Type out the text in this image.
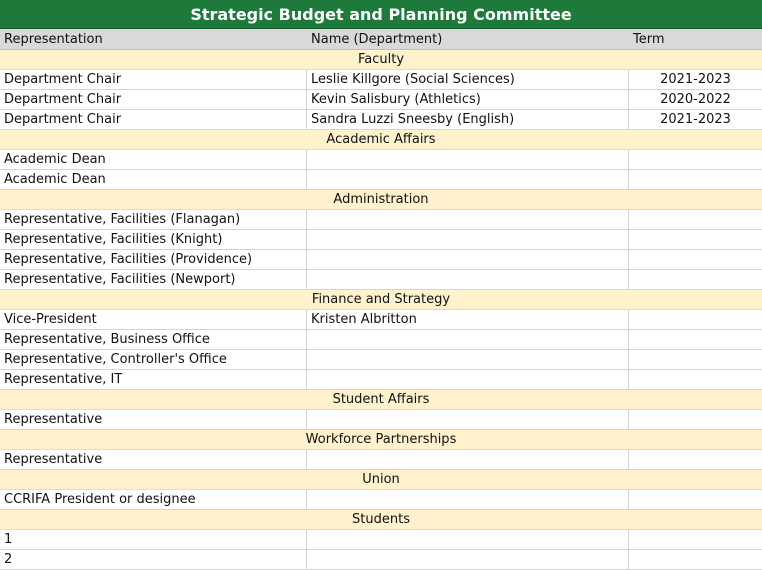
Strategic Budget and Planning Committee
Representation	Name (Department)	Term
Faculty
Department Chair	Leslie Killgore (Social Sciences)	2021-2023
Department Chair	Kevin Salisbury (Athletics)	2020-2022
Department Chair	Sandra Luzzi Sneesby (English)	2021-2023
Academic Affairs
Academic Dean
Academic Dean
Administration
Representative, Facilities (Flanagan)
Representative, Facilities (Knight)
Representative, Facilities (Providence)
Representative, Facilities (Newport)
Finance and Strategy
Vice-President	Kristen Albritton
Representative, Business Office
Representative, Controller's Office
Representative, IT
Student Affairs
Representative
Workforce Partnerships
Representative
Union
CCRIFA President or designee
Students
1
2
